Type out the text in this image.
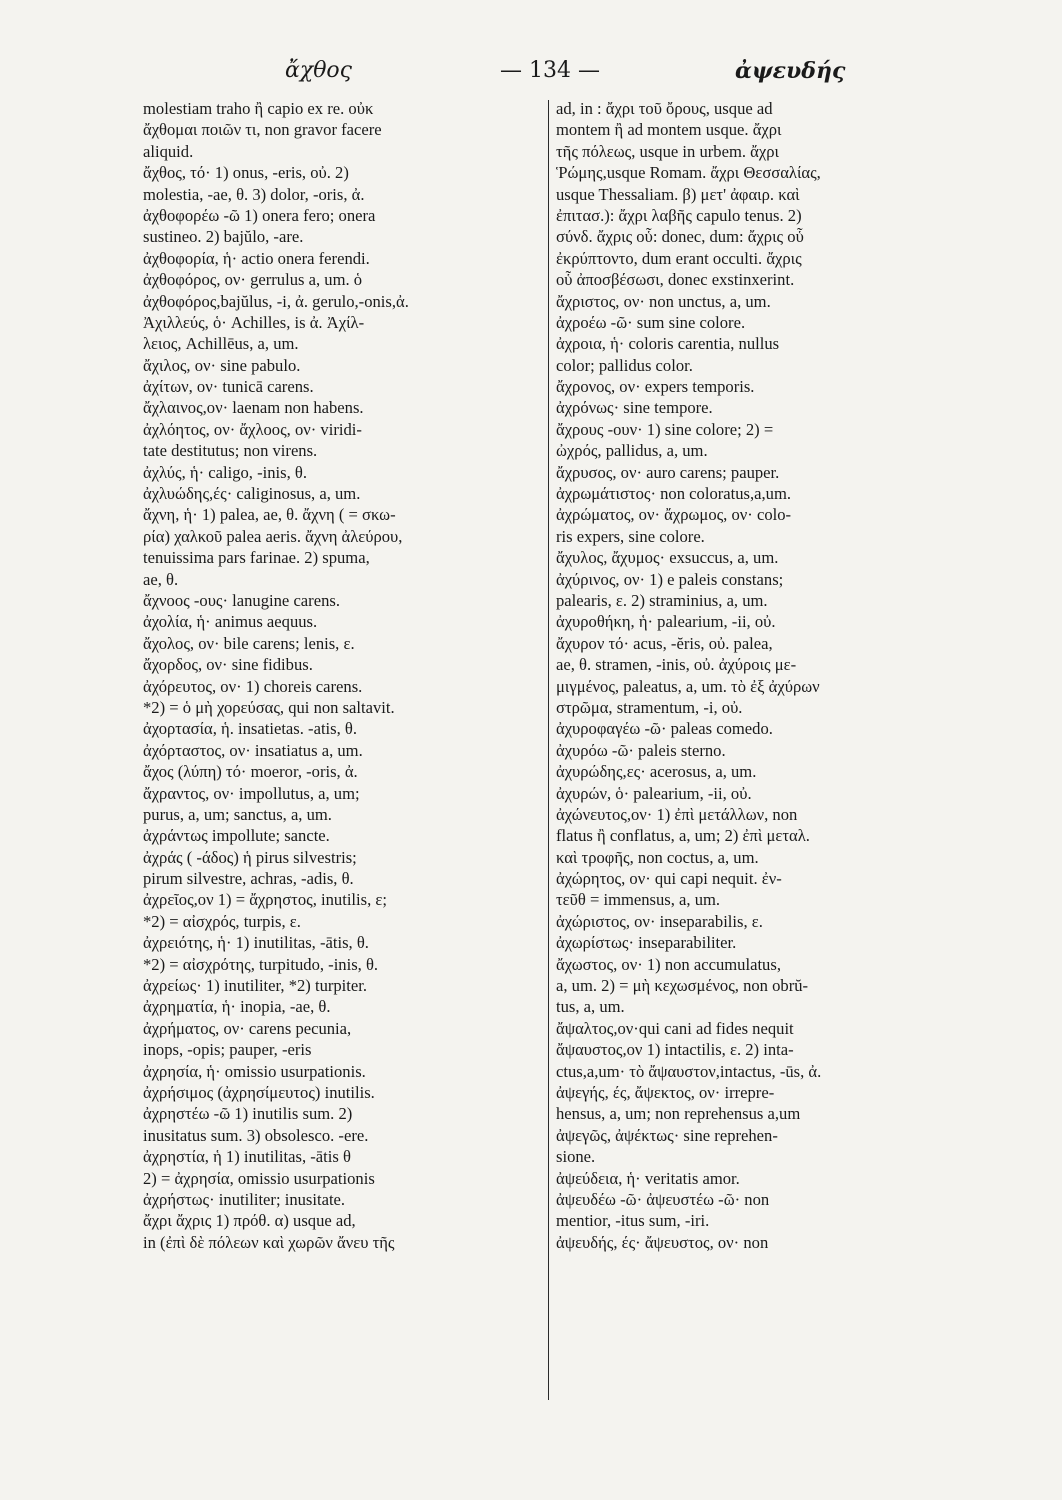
ἄχθος	— 134 —	ἀψευδής
molestiam traho ἢ capio ex re. οὐκ
ἄχθομαι ποιῶν τι, non gravor facere
aliquid.
ἄχθος, τό· 1) onus, -eris, οὐ. 2)
molestia, -ae, θ. 3) dolor, -oris, ἀ.
ἀχθοφορέω -ῶ 1) onera fero; onera
sustineo. 2) bajŭlo, -are.
ἀχθοφορία, ἡ· actio onera ferendi.
ἀχθοφόρος, ον· gerrulus a, um. ὁ
ἀχθοφόρος,bajŭlus, -i, ἀ. gerulo,-onis,ἀ.
Ἀχιλλεύς, ὁ· Achilles, is ἀ. Ἀχίλ-
λειος, Achillēus, a, um.
ἄχιλος, ον· sine pabulo.
ἀχίτων, ον· tunicā carens.
ἄχλαινος,ον· laenam non habens.
ἀχλόητος, ον· ἄχλοος, ον· viridi-
tate destitutus; non virens.
ἀχλύς, ἡ· caligo, -inis, θ.
ἀχλυώδης,ές· caliginosus, a, um.
ἄχνη, ἡ· 1) palea, ae, θ. ἄχνη ( = σκω-
ρία) χαλκοῦ palea aeris. ἄχνη ἀλεύρου,
tenuissima pars farinae. 2) spuma,
ae, θ.
ἄχνοος -ους· lanugine carens.
ἀχολία, ἡ· animus aequus.
ἄχολος, ον· bile carens; lenis, ε.
ἄχορδος, ον· sine fidibus.
ἀχόρευτος, ον· 1) choreis carens.
*2) = ὁ μὴ χορεύσας, qui non saltavit.
ἀχορτασία, ἡ. insatietas. -atis, θ.
ἀχόρταστος, ον· insatiatus a, um.
ἄχος (λύπη) τό· moeror, -oris, ἀ.
ἄχραντος, ον· impollutus, a, um;
purus, a, um; sanctus, a, um.
ἀχράντως impollute; sancte.
ἀχράς ( -άδος) ἡ pirus silvestris;
pirum silvestre, achras, -adis, θ.
ἀχρεῖος,ον 1) = ἄχρηστος, inutilis, ε;
*2) = αἰσχρός, turpis, ε.
ἀχρειότης, ἡ· 1) inutilitas, -ātis, θ.
*2) = αἰσχρότης, turpitudo, -inis, θ.
ἀχρείως· 1) inutiliter, *2) turpiter.
ἀχρηματία, ἡ· inopia, -ae, θ.
ἀχρήματος, ον· carens pecunia,
inops, -opis; pauper, -eris
ἀχρησία, ἡ· omissio usurpationis.
ἀχρήσιμος (ἀχρησίμευτος) inutilis.
ἀχρηστέω -ῶ 1) inutilis sum. 2)
inusitatus sum. 3) obsolesco. -ere.
ἀχρηστία, ἡ 1) inutilitas, -ātis θ
2) = ἀχρησία, omissio usurpationis
ἀχρήστως· inutiliter; inusitate.
ἄχρι ἄχρις 1) πρόθ. α) usque ad,
in (ἐπὶ δὲ πόλεων καὶ χωρῶν ἄνευ τῆς
ad, in : ἄχρι τοῦ ὄρους, usque ad
montem ἢ ad montem usque. ἄχρι
τῆς πόλεως, usque in urbem. ἄχρι
Ῥώμης,usque Romam. ἄχρι Θεσσαλίας,
usque Thessaliam. β) μετ' ἀφαιρ. καὶ
ἐπιτασ.): ἄχρι λαβῆς capulo tenus. 2)
σύνδ. ἄχρις οὗ: donec, dum: ἄχρις οὗ
ἐκρύπτοντο, dum erant occulti. ἄχρις
οὗ ἀποσβέσωσι, donec exstinxerint.
ἄχριστος, ον· non unctus, a, um.
ἀχροέω -ῶ· sum sine colore.
ἀχροια, ἡ· coloris carentia, nullus
color; pallidus color.
ἄχρονος, ον· expers temporis.
ἀχρόνως· sine tempore.
ἄχρους -ουν· 1) sine colore; 2) =
ὠχρός, pallidus, a, um.
ἄχρυσος, ον· auro carens; pauper.
ἀχρωμάτιστος· non coloratus,a,um.
ἀχρώματος, ον· ἄχρωμος, ον· colo-
ris expers, sine colore.
ἄχυλος, ἄχυμος· exsuccus, a, um.
ἀχύρινος, ον· 1) e paleis constans;
palearis, ε. 2) straminius, a, um.
ἀχυροθήκη, ἡ· palearium, -ii, οὐ.
ἄχυρον τό· acus, -ĕris, οὐ. palea,
ae, θ. stramen, -inis, οὐ. ἀχύροις με-
μιγμένος, paleatus, a, um. τὸ ἐξ ἀχύρων
στρῶμα, stramentum, -i, οὐ.
ἀχυροφαγέω -ῶ· paleas comedo.
ἀχυρόω -ῶ· paleis sterno.
ἀχυρώδης,ες· acerosus, a, um.
ἀχυρών, ὁ· palearium, -ii, οὐ.
ἀχώνευτος,ον· 1) ἐπὶ μετάλλων, non
flatus ἢ conflatus, a, um; 2) ἐπὶ μεταλ.
καὶ τροφῆς, non coctus, a, um.
ἀχώρητος, ον· qui capi nequit. ἐν-
τεῦθ = immensus, a, um.
ἀχώριστος, ον· inseparabilis, ε.
ἀχωρίστως· inseparabiliter.
ἄχωστος, ον· 1) non accumulatus,
a, um. 2) = μὴ κεχωσμένος, non obrŭ-
tus, a, um.
ἄψαλτος,ον·qui cani ad fides nequit
ἄψαυστος,ον 1) intactilis, ε. 2) inta-
ctus,a,um· τὸ ἄψαυστον,intactus, -ūs, ἀ.
ἀψεγής, ές, ἄψεκτος, ον· irrepre-
hensus, a, um; non reprehensus a,um
ἀψεγῶς, ἀψέκτως· sine reprehen-
sione.
ἀψεύδεια, ἡ· veritatis amor.
ἀψευδέω -ῶ· ἀψευστέω -ῶ· non
mentior, -itus sum, -iri.
ἀψευδής, ές· ἄψευστος, ον· non
